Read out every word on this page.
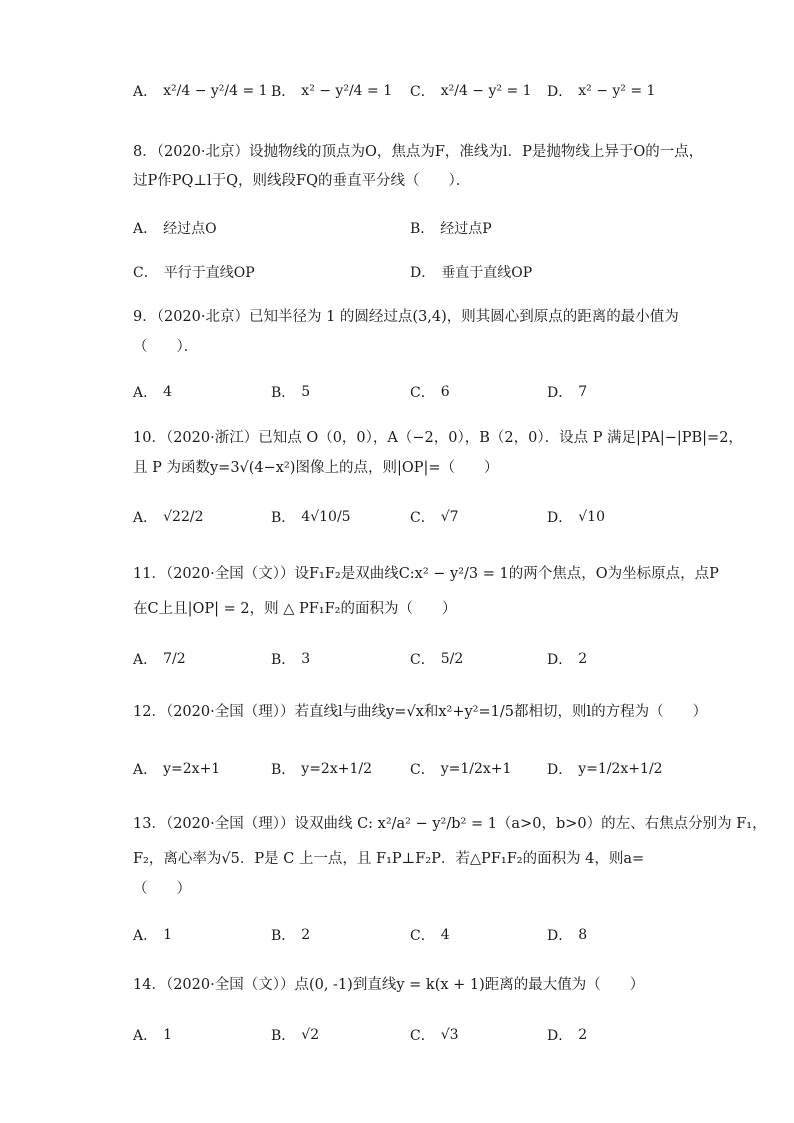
A． x²/4 − y²/4 = 1 B． x² − y²/4 = 1 C． x²/4 − y² = 1 D． x² − y² = 1
8．（2020·北京）设抛物线的顶点为O，焦点为F，准线为l．P是抛物线上异于O的一点，
过P作PQ⊥l于Q，则线段FQ的垂直平分线（　　）．
A． 经过点O	B． 经过点P
C． 平行于直线OP	D． 垂直于直线OP
9．（2020·北京）已知半径为 1 的圆经过点(3,4)，则其圆心到原点的距离的最小值为
（　　）．
A． 4	B． 5	C． 6	D． 7
10．（2020·浙江）已知点 O（0，0），A（−2，0），B（2，0）．设点 P 满足|PA|−|PB|=2，
且 P 为函数y=3√(4−x²)图像上的点，则|OP|=（　　）
A． √22/2	B． 4√10/5	C． √7	D． √10
11．（2020·全国（文））设F₁F₂是双曲线C:x² − y²/3 = 1的两个焦点，O为坐标原点，点P
在C上且|OP| = 2，则 △ PF₁F₂的面积为（　　）
A． 7/2	B． 3	C． 5/2	D． 2
12．（2020·全国（理））若直线l与曲线y=√x和x²+y²=1/5都相切，则l的方程为（　　）
A． y=2x+1	B． y=2x+1/2	C． y=1/2x+1	D． y=1/2x+1/2
13．（2020·全国（理））设双曲线 C: x²/a² − y²/b² = 1（a>0，b>0）的左、右焦点分别为 F₁，
F₂，离心率为√5．P是 C 上一点，且 F₁P⊥F₂P．若△PF₁F₂的面积为 4，则a=
（　　）
A． 1	B． 2	C． 4	D． 8
14．（2020·全国（文））点(0, -1)到直线y = k(x + 1)距离的最大值为（　　）
A． 1	B． √2	C． √3	D． 2
